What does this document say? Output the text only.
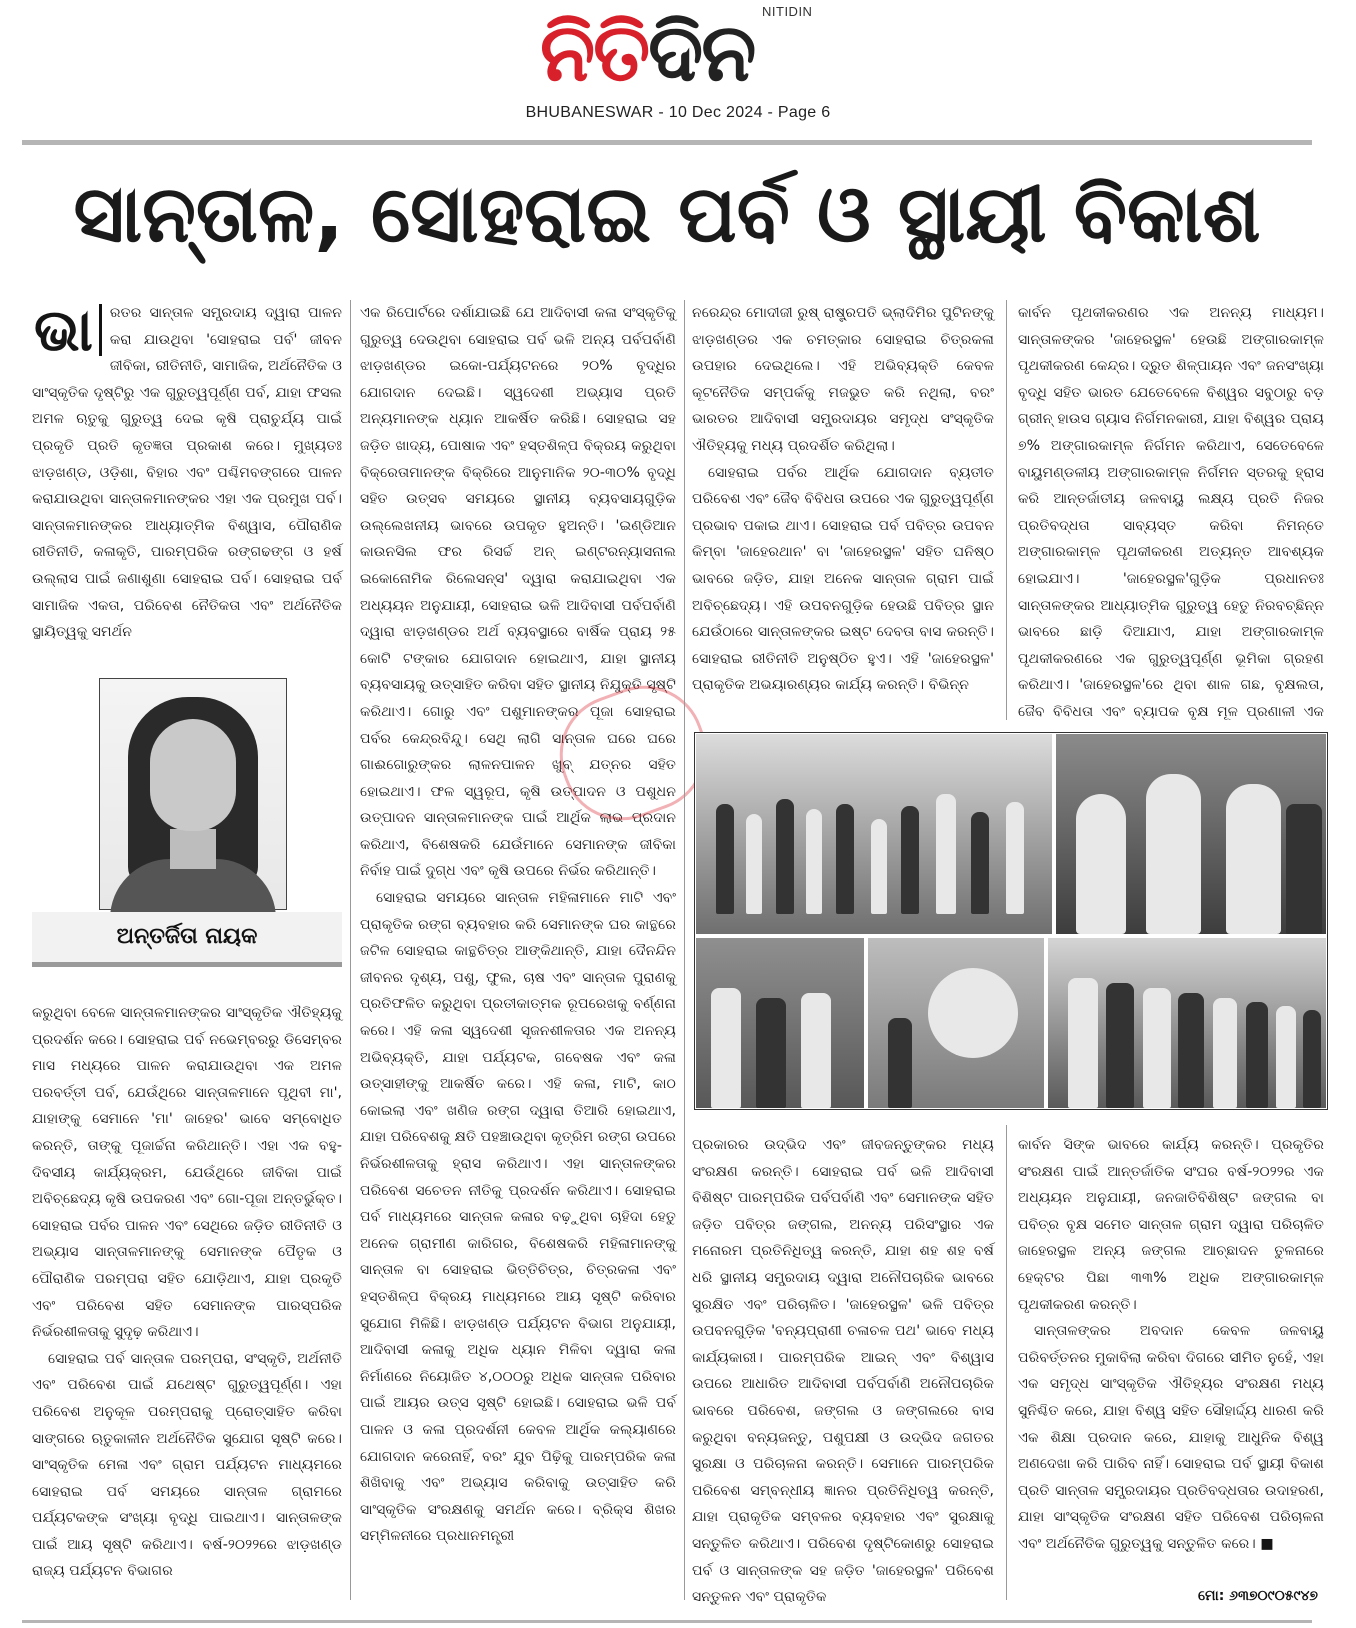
ନିତିଦିନ NITIDIN
BHUBANESWAR - 10 Dec 2024 - Page 6
ସାନ୍ତାଳ, ସୋହରାଇ ପର୍ବ ଓ ସ୍ଥାୟୀ ବିକାଶ

ଭା	ରତର ସାନ୍ତାଳ ସମ୍ପ୍ରଦାୟ ଦ୍ୱାରା ପାଳନ କରା ଯାଉଥିବା 'ସୋହରାଇ ପର୍ବ' ଜୀବନ ଜୀବିକା, ରୀତିନୀତି, ସାମାଜିକ, ଅର୍ଥନୈତିକ ଓ ସାଂସ୍କୃତିକ ଦୃଷ୍ଟିରୁ ଏକ ଗୁରୁତ୍ୱପୂର୍ଣ୍ଣ ପର୍ବ, ଯାହା ଫସଲ ଅମଳ ଋତୁକୁ ଗୁରୁତ୍ୱ ଦେଇ କୃଷି ପ୍ରାଚୁର୍ଯ୍ୟ ପାଇଁ ପ୍ରକୃତି ପ୍ରତି କୃତଜ୍ଞତା ପ୍ରକାଶ କରେ। ମୁଖ୍ୟତଃ ଝାଡ଼ଖଣ୍ଡ, ଓଡ଼ିଶା, ବିହାର ଏବଂ ପଶ୍ଚିମବଙ୍ଗରେ ପାଳନ କରାଯାଉଥିବା ସାନ୍ତାଳମାନଙ୍କର ଏହା ଏକ ପ୍ରମୁଖ ପର୍ବ। ସାନ୍ତାଳମାନଙ୍କର ଆଧ୍ୟାତ୍ମିକ ବିଶ୍ୱାସ, ପୌରାଣିକ ରୀତିନୀତି, କଳାକୃତି, ପାରମ୍ପରିକ ରଙ୍ଗଢଙ୍ଗ ଓ ହର୍ଷ ଉଲ୍ଲାସ ପାଇଁ ଜଣାଶୁଣା ସୋହରାଇ ପର୍ବ। ସୋହରାଇ ପର୍ବ ସାମାଜିକ ଏକତା, ପରିବେଶ ନୈତିକତା ଏବଂ ଅର୍ଥନୈତିକ ସ୍ଥାୟିତ୍ୱକୁ ସମର୍ଥନ

ଅନ୍ତର୍ଜିତା ନାୟକ

କରୁଥିବା ବେଳେ ସାନ୍ତାଳମାନଙ୍କର ସାଂସ୍କୃତିକ ଐତିହ୍ୟକୁ ପ୍ରଦର୍ଶନ କରେ। ସୋହରାଇ ପର୍ବ ନଭେମ୍ବରରୁ ଡିସେମ୍ବର ମାସ ମଧ୍ୟରେ ପାଳନ କରାଯାଉଥିବା ଏକ ଅମଳ ପରବର୍ତ୍ତୀ ପର୍ବ, ଯେଉଁଥିରେ ସାନ୍ତାଳମାନେ ପୃଥିବୀ ମା', ଯାହାଙ୍କୁ ସେମାନେ 'ମା' ଜାହେର' ଭାବେ ସମ୍ବୋଧିତ କରନ୍ତି, ତାଙ୍କୁ ପୂଜାର୍ଚ୍ଚନା କରିଥାନ୍ତି। ଏହା ଏକ ବହୁ-ଦିବସୀୟ କାର୍ଯ୍ୟକ୍ରମ, ଯେଉଁଥିରେ ଜୀବିକା ପାଇଁ ଅବିଚ୍ଛେଦ୍ୟ କୃଷି ଉପକରଣ ଏବଂ ଗୋ-ପୂଜା ଅନ୍ତର୍ଭୁକ୍ତ। ସୋହରାଇ ପର୍ବର ପାଳନ ଏବଂ ସେଥିରେ ଜଡ଼ିତ ରୀତିନୀତି ଓ ଅଭ୍ୟାସ ସାନ୍ତାଳମାନଙ୍କୁ ସେମାନଙ୍କ ପୈତୃକ ଓ ପୌରାଣିକ ପରମ୍ପରା ସହିତ ଯୋଡ଼ିଥାଏ, ଯାହା ପ୍ରକୃତି ଏବଂ ପରିବେଶ ସହିତ ସେମାନଙ୍କ ପାରସ୍ପରିକ ନିର୍ଭରଶୀଳତାକୁ ସୁଦୃଢ଼ କରିଥାଏ।

ସୋହରାଇ ପର୍ବ ସାନ୍ତାଳ ପରମ୍ପରା, ସଂସ୍କୃତି, ଅର୍ଥନୀତି ଏବଂ ପରିବେଶ ପାଇଁ ଯଥେଷ୍ଟ ଗୁରୁତ୍ୱପୂର୍ଣ୍ଣ। ଏହା ପରିବେଶ ଅନୁକୂଳ ପରମ୍ପରାକୁ ପ୍ରୋତ୍ସାହିତ କରିବା ସାଙ୍ଗରେ ଋତୁକାଳୀନ ଅର୍ଥନୈତିକ ସୁଯୋଗ ସୃଷ୍ଟି କରେ। ସାଂସ୍କୃତିକ ମେଳା ଏବଂ ଗ୍ରାମ ପର୍ଯ୍ୟଟନ ମାଧ୍ୟମରେ ସୋହରାଇ ପର୍ବ ସମୟରେ ସାନ୍ତାଳ ଗ୍ରାମରେ ପର୍ଯ୍ୟଟକଙ୍କ ସଂଖ୍ୟା ବୃଦ୍ଧି ପାଇଥାଏ। ସାନ୍ତାଳଙ୍କ ପାଇଁ ଆୟ ସୃଷ୍ଟି କରିଥାଏ। ବର୍ଷ-୨୦୨୨ରେ ଝାଡ଼ଖଣ୍ଡ ରାଜ୍ୟ ପର୍ଯ୍ୟଟନ ବିଭାଗର

ଏକ ରିପୋର୍ଟରେ ଦର୍ଶାଯାଇଛି ଯେ ଆଦିବାସୀ କଳା ସଂସ୍କୃତିକୁ ଗୁରୁତ୍ୱ ଦେଉଥିବା ସୋହରାଇ ପର୍ବ ଭଳି ଅନ୍ୟ ପର୍ବପର୍ବାଣି ଝାଡ଼ଖଣ୍ଡର ଇକୋ-ପର୍ଯ୍ୟଟନରେ ୨୦% ବୃଦ୍ଧିର ଯୋଗଦାନ ଦେଇଛି। ସ୍ୱଦେଶୀ ଅଭ୍ୟାସ ପ୍ରତି ଅନ୍ୟମାନଙ୍କ ଧ୍ୟାନ ଆକର୍ଷିତ କରିଛି। ସୋହରାଇ ସହ ଜଡ଼ିତ ଖାଦ୍ୟ, ପୋଷାକ ଏବଂ ହସ୍ତଶିଳ୍ପ ବିକ୍ରୟ କରୁଥିବା ବିକ୍ରେତାମାନଙ୍କ ବିକ୍ରିରେ ଆନୁମାନିକ ୨୦-୩୦% ବୃଦ୍ଧି ସହିତ ଉତ୍ସବ ସମୟରେ ସ୍ଥାନୀୟ ବ୍ୟବସାୟଗୁଡ଼ିକ ଉଲ୍ଲେଖନୀୟ ଭାବରେ ଉପକୃତ ହୁଅନ୍ତି। 'ଇଣ୍ଡିଆନ କାଉନସିଲ ଫର ରିସର୍ଚ୍ଚ ଅନ୍ ଇଣ୍ଟରନ୍ୟାସନାଲ ଇକୋନୋମିକ ରିଲେସନ୍ସ' ଦ୍ୱାରା କରାଯାଇଥିବା ଏକ ଅଧ୍ୟୟନ ଅନୁଯାୟୀ, ସୋହରାଇ ଭଳି ଆଦିବାସୀ ପର୍ବପର୍ବାଣି ଦ୍ୱାରା ଝାଡ଼ଖଣ୍ଡର ଅର୍ଥ ବ୍ୟବସ୍ଥାରେ ବାର୍ଷିକ ପ୍ରାୟ ୨୫ କୋଟି ଟଙ୍କାର ଯୋଗଦାନ ହୋଇଥାଏ, ଯାହା ସ୍ଥାନୀୟ ବ୍ୟବସାୟକୁ ଉତ୍ସାହିତ କରିବା ସହିତ ସ୍ଥାନୀୟ ନିଯୁକ୍ତି ସୃଷ୍ଟି କରିଥାଏ। ଗୋରୁ ଏବଂ ପଶୁମାନଙ୍କର ପୂଜା ସୋହରାଇ ପର୍ବର କେନ୍ଦ୍ରବିନ୍ଦୁ। ସେଥି ଲାଗି ସାନ୍ତାଳ ଘରେ ଘରେ ଗାଈଗୋରୁଙ୍କର ଲାଳନପାଳନ ଖୁବ୍ ଯତ୍ନର ସହିତ ହୋଇଥାଏ। ଫଳ ସ୍ୱରୂପ, କୃଷି ଉତ୍ପାଦନ ଓ ପଶୁଧନ ଉତ୍ପାଦନ ସାନ୍ତାଳମାନଙ୍କ ପାଇଁ ଆର୍ଥିକ ଲାଭ ପ୍ରଦାନ କରିଥାଏ, ବିଶେଷକରି ଯେଉଁମାନେ ସେମାନଙ୍କ ଜୀବିକା ନିର୍ବାହ ପାଇଁ ଦୁଗ୍ଧ ଏବଂ କୃଷି ଉପରେ ନିର୍ଭର କରିଥାନ୍ତି।

ସୋହରାଇ ସମୟରେ ସାନ୍ତାଳ ମହିଳାମାନେ ମାଟି ଏବଂ ପ୍ରାକୃତିକ ରଙ୍ଗ ବ୍ୟବହାର କରି ସେମାନଙ୍କ ଘର କାନ୍ଥରେ ଜଟିଳ ସୋହରାଇ କାନ୍ଥଚିତ୍ର ଆଙ୍କିଥାନ୍ତି, ଯାହା ଦୈନନ୍ଦିନ ଜୀବନର ଦୃଶ୍ୟ, ପଶୁ, ଫୁଲ, ଚାଷ ଏବଂ ସାନ୍ତାଳ ପୁରାଣକୁ ପ୍ରତିଫଳିତ କରୁଥିବା ପ୍ରତୀକାତ୍ମକ ରୂପରେଖକୁ ବର୍ଣ୍ଣନା କରେ। ଏହି କଳା ସ୍ୱଦେଶୀ ସୃଜନଶୀଳତାର ଏକ ଅନନ୍ୟ ଅଭିବ୍ୟକ୍ତି, ଯାହା ପର୍ଯ୍ୟଟକ, ଗବେଷକ ଏବଂ କଳା ଉତ୍ସାହୀଙ୍କୁ ଆକର୍ଷିତ କରେ। ଏହି କଳା, ମାଟି, କାଠ କୋଇଲା ଏବଂ ଖଣିଜ ରଙ୍ଗ ଦ୍ୱାରା ତିଆରି ହୋଇଥାଏ, ଯାହା ପରିବେଶକୁ କ୍ଷତି ପହଞ୍ଚାଉଥିବା କୃତ୍ରିମ ରଙ୍ଗ ଉପରେ ନିର୍ଭରଶୀଳତାକୁ ହ୍ରାସ କରିଥାଏ। ଏହା ସାନ୍ତାଳଙ୍କର ପରିବେଶ ସଚେତନ ନୀତିକୁ ପ୍ରଦର୍ଶନ କରିଥାଏ। ସୋହରାଇ ପର୍ବ ମାଧ୍ୟମରେ ସାନ୍ତାଳ କଳାର ବଢ଼ୁଥିବା ଚାହିଦା ହେତୁ ଅନେକ ଗ୍ରାମୀଣ କାରିଗର, ବିଶେଷକରି ମହିଳାମାନଙ୍କୁ ସାନ୍ତାଳ ବା ସୋହରାଇ ଭିତ୍ତିଚିତ୍ର, ଚିତ୍ରକଳା ଏବଂ ହସ୍ତଶିଳ୍ପ ବିକ୍ରୟ ମାଧ୍ୟମରେ ଆୟ ସୃଷ୍ଟି କରିବାର ସୁଯୋଗ ମିଳିଛି। ଝାଡ଼ଖଣ୍ଡ ପର୍ଯ୍ୟଟନ ବିଭାଗ ଅନୁଯାୟୀ, ଆଦିବାସୀ କଳାକୁ ଅଧିକ ଧ୍ୟାନ ମିଳିବା ଦ୍ୱାରା କଳା ନିର୍ମାଣରେ ନିୟୋଜିତ ୪,୦୦୦ରୁ ଅଧିକ ସାନ୍ତାଳ ପରିବାର ପାଇଁ ଆୟର ଉତ୍ସ ସୃଷ୍ଟି ହୋଇଛି। ସୋହରାଇ ଭଳି ପର୍ବ ପାଳନ ଓ କଳା ପ୍ରଦର୍ଶନୀ କେବଳ ଆର୍ଥିକ କଲ୍ୟାଣରେ ଯୋଗଦାନ କରେନାହିଁ, ବରଂ ଯୁବ ପିଢ଼ିକୁ ପାରମ୍ପରିକ କଳା ଶିଖିବାକୁ ଏବଂ ଅଭ୍ୟାସ କରିବାକୁ ଉତ୍ସାହିତ କରି ସାଂସ୍କୃତିକ ସଂରକ୍ଷଣକୁ ସମର୍ଥନ କରେ। ବ୍ରିକ୍ସ ଶିଖର ସମ୍ମିଳନୀରେ ପ୍ରଧାନମନ୍ତ୍ରୀ

ନରେନ୍ଦ୍ର ମୋଦୀଜୀ ରୁଷ୍ ରାଷ୍ଟ୍ରପତି ଭ୍ଲାଦିମିର ପୁଟିନଙ୍କୁ ଝାଡ଼ଖଣ୍ଡର ଏକ ଚମତ୍କାର ସୋହରାଇ ଚିତ୍ରକଳା ଉପହାର ଦେଇଥିଲେ। ଏହି ଅଭିବ୍ୟକ୍ତି କେବଳ କୂଟନୈତିକ ସମ୍ପର୍କକୁ ମଜଭୁତ କରି ନଥିଲା, ବରଂ ଭାରତର ଆଦିବାସୀ ସମ୍ପ୍ରଦାୟର ସମୃଦ୍ଧ ସଂସ୍କୃତିକ ଐତିହ୍ୟକୁ ମଧ୍ୟ ପ୍ରଦର୍ଶିତ କରିଥିଲା।

ସୋହରାଇ ପର୍ବର ଆର୍ଥିକ ଯୋଗଦାନ ବ୍ୟତୀତ ପରିବେଶ ଏବଂ ଜୈବ ବିବିଧତା ଉପରେ ଏକ ଗୁରୁତ୍ୱପୂର୍ଣ୍ଣ ପ୍ରଭାବ ପକାଇ ଥାଏ। ସୋହରାଇ ପର୍ବ ପବିତ୍ର ଉପବନ କିମ୍ବା 'ଜାହେରଥାନ' ବା 'ଜାହେରସ୍ଥଳ' ସହିତ ଘନିଷ୍ଠ ଭାବରେ ଜଡ଼ିତ, ଯାହା ଅନେକ ସାନ୍ତାଳ ଗ୍ରାମ ପାଇଁ ଅବିଚ୍ଛେଦ୍ୟ। ଏହି ଉପବନଗୁଡ଼ିକ ହେଉଛି ପବିତ୍ର ସ୍ଥାନ ଯେଉଁଠାରେ ସାନ୍ତାଳଙ୍କର ଇଷ୍ଟ ଦେବତା ବାସ କରନ୍ତି। ସୋହରାଇ ରୀତିନୀତି ଅନୁଷ୍ଠିତ ହୁଏ। ଏହି 'ଜାହେରସ୍ଥଳ' ପ୍ରାକୃତିକ ଅଭୟାରଣ୍ୟର କାର୍ଯ୍ୟ କରନ୍ତି। ବିଭିନ୍ନ

କାର୍ବନ ପୃଥକୀକରଣର ଏକ ଅନନ୍ୟ ମାଧ୍ୟମ। ସାନ୍ତାଳଙ୍କର 'ଜାହେରସ୍ଥଳ' ହେଉଛି ଅଙ୍ଗାରକାମ୍ଳ ପୃଥକୀକରଣ କେନ୍ଦ୍ର। ଦ୍ରୁତ ଶିଳ୍ପାୟନ ଏବଂ ଜନସଂଖ୍ୟା ବୃଦ୍ଧି ସହିତ ଭାରତ ଯେତେବେଳେ ବିଶ୍ୱର ସବୁଠାରୁ ବଡ଼ ଗ୍ରୀନ୍ ହାଉସ ଗ୍ୟାସ ନିର୍ଗମନକାରୀ, ଯାହା ବିଶ୍ୱର ପ୍ରାୟ ୭% ଅଙ୍ଗାରକାମ୍ଳ ନିର୍ଗମନ କରିଥାଏ, ସେତେବେଳେ ବାୟୁମଣ୍ଡଳୀୟ ଅଙ୍ଗାରକାମ୍ଳ ନିର୍ଗମନ ସ୍ତରକୁ ହ୍ରାସ କରି ଆନ୍ତର୍ଜାତୀୟ ଜଳବାୟୁ ଲକ୍ଷ୍ୟ ପ୍ରତି ନିଜର ପ୍ରତିବଦ୍ଧତା ସାବ୍ୟସ୍ତ କରିବା ନିମନ୍ତେ ଅଙ୍ଗାରକାମ୍ଳ ପୃଥକୀକରଣ ଅତ୍ୟନ୍ତ ଆବଶ୍ୟକ ହୋଇଯାଏ। 'ଜାହେରସ୍ଥଳ'ଗୁଡ଼ିକ ପ୍ରଧାନତଃ ସାନ୍ତାଳଙ୍କର ଆଧ୍ୟାତ୍ମିକ ଗୁରୁତ୍ୱ ହେତୁ ନିରବଚ୍ଛିନ୍ନ ଭାବରେ ଛାଡ଼ି ଦିଆଯାଏ, ଯାହା ଅଙ୍ଗାରକାମ୍ଳ ପୃଥକୀକରଣରେ ଏକ ଗୁରୁତ୍ୱପୂର୍ଣ୍ଣ ଭୂମିକା ଗ୍ରହଣ କରିଥାଏ। 'ଜାହେରସ୍ଥଳ'ରେ ଥିବା ଶାଳ ଗଛ, ବୃକ୍ଷଲତା, ଜୈବ ବିବିଧତା ଏବଂ ବ୍ୟାପକ ବୃକ୍ଷ ମୂଳ ପ୍ରଣାଳୀ ଏକ

ପ୍ରକାରର ଉଦ୍ଭିଦ ଏବଂ ଜୀବଜନ୍ତୁଙ୍କର ମଧ୍ୟ ସଂରକ୍ଷଣ କରନ୍ତି। ସୋହରାଇ ପର୍ବ ଭଳି ଆଦିବାସୀ ବିଶିଷ୍ଟ ପାରମ୍ପରିକ ପର୍ବପର୍ବାଣି ଏବଂ ସେମାନଙ୍କ ସହିତ ଜଡ଼ିତ ପବିତ୍ର ଜଙ୍ଗଲ, ଅନନ୍ୟ ପରିସଂସ୍ଥାର ଏକ ମନୋରମ ପ୍ରତିନିଧିତ୍ୱ କରନ୍ତି, ଯାହା ଶହ ଶହ ବର୍ଷ ଧରି ସ୍ଥାନୀୟ ସମ୍ପ୍ରଦାୟ ଦ୍ୱାରା ଅନୌପଚାରିକ ଭାବରେ ସୁରକ୍ଷିତ ଏବଂ ପରିଚାଳିତ। 'ଜାହେରସ୍ଥଳ' ଭଳି ପବିତ୍ର ଉପବନଗୁଡ଼ିକ 'ବନ୍ୟପ୍ରାଣୀ ଚଳାଚଳ ପଥ' ଭାବେ ମଧ୍ୟ କାର୍ଯ୍ୟକାରୀ। ପାରମ୍ପରିକ ଆଇନ୍ ଏବଂ ବିଶ୍ୱାସ ଉପରେ ଆଧାରିତ ଆଦିବାସୀ ପର୍ବପର୍ବାଣି ଅନୌପଚାରିକ ଭାବରେ ପରିବେଶ, ଜଙ୍ଗଲ ଓ ଜଙ୍ଗଲରେ ବାସ କରୁଥିବା ବନ୍ୟଜନ୍ତୁ, ପଶୁପକ୍ଷୀ ଓ ଉଦ୍ଭିଦ ଜଗତର ସୁରକ୍ଷା ଓ ପରିଚାଳନା କରନ୍ତି। ସେମାନେ ପାରମ୍ପରିକ ପରିବେଶ ସମ୍ବନ୍ଧୀୟ ଜ୍ଞାନର ପ୍ରତିନିଧିତ୍ୱ କରନ୍ତି, ଯାହା ପ୍ରାକୃତିକ ସମ୍ବଳର ବ୍ୟବହାର ଏବଂ ସୁରକ୍ଷାକୁ ସନ୍ତୁଳିତ କରିଥାଏ। ପରିବେଶ ଦୃଷ୍ଟିକୋଣରୁ ସୋହରାଇ ପର୍ବ ଓ ସାନ୍ତାଳଙ୍କ ସହ ଜଡ଼ିତ 'ଜାହେରସ୍ଥଳ' ପରିବେଶ ସନ୍ତୁଳନ ଏବଂ ପ୍ରାକୃତିକ

କାର୍ବନ ସିଙ୍କ ଭାବରେ କାର୍ଯ୍ୟ କରନ୍ତି। ପ୍ରକୃତିର ସଂରକ୍ଷଣ ପାଇଁ ଆନ୍ତର୍ଜାତିକ ସଂଘର ବର୍ଷ-୨୦୨୨ର ଏକ ଅଧ୍ୟୟନ ଅନୁଯାୟୀ, ଜନଜାତିବିଶିଷ୍ଟ ଜଙ୍ଗଲ ବା ପବିତ୍ର ବୃକ୍ଷ ସମେତ ସାନ୍ତାଳ ଗ୍ରାମ ଦ୍ୱାରା ପରିଚାଳିତ ଜାହେରସ୍ଥଳ ଅନ୍ୟ ଜଙ୍ଗଲ ଆଚ୍ଛାଦନ ତୁଳନାରେ ହେକ୍ଟର ପିଛା ୩୩% ଅଧିକ ଅଙ୍ଗାରକାମ୍ଳ ପୃଥକୀକରଣ କରନ୍ତି।

ସାନ୍ତାଳଙ୍କର ଅବଦାନ କେବଳ ଜଳବାୟୁ ପରିବର୍ତ୍ତନର ମୁକାବିଲା କରିବା ଦିଗରେ ସୀମିତ ନୁହେଁ, ଏହା ଏକ ସମୃଦ୍ଧ ସାଂସ୍କୃତିକ ଐତିହ୍ୟର ସଂରକ୍ଷଣ ମଧ୍ୟ ସୁନିଶ୍ଚିତ କରେ, ଯାହା ବିଶ୍ୱ ସହିତ ସୌହାର୍ଦ୍ଦ୍ୟ ଧାରଣ କରି ଏକ ଶିକ୍ଷା ପ୍ରଦାନ କରେ, ଯାହାକୁ ଆଧୁନିକ ବିଶ୍ୱ ଅଣଦେଖା କରି ପାରିବ ନାହିଁ। ସୋହରାଇ ପର୍ବ ସ୍ଥାୟୀ ବିକାଶ ପ୍ରତି ସାନ୍ତାଳ ସମ୍ପ୍ରଦାୟର ପ୍ରତିବଦ୍ଧତାର ଉଦାହରଣ, ଯାହା ସାଂସ୍କୃତିକ ସଂରକ୍ଷଣ ସହିତ ପରିବେଶ ପରିଚାଳନା ଏବଂ ଅର୍ଥନୈତିକ ଗୁରୁତ୍ୱକୁ ସନ୍ତୁଳିତ କରେ। ■

ମୋ: ୬୩୭୦୯୦୫୯୪୭
